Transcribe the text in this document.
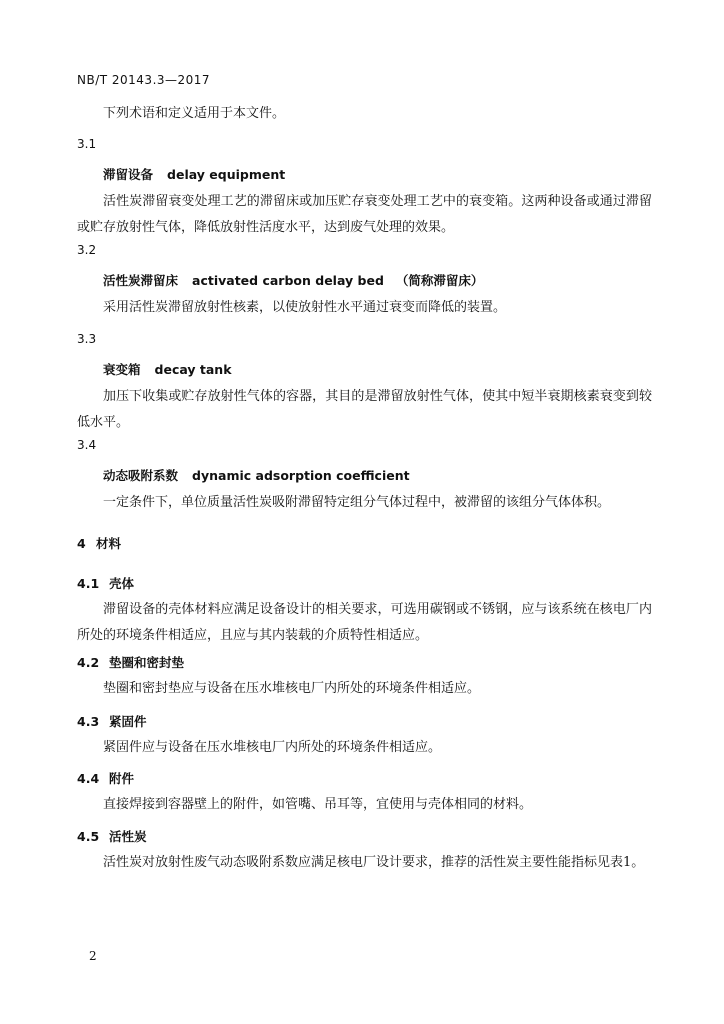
NB/T 20143.3—2017
下列术语和定义适用于本文件。
3.1
滞留设备 delay equipment
活性炭滞留衰变处理工艺的滞留床或加压贮存衰变处理工艺中的衰变箱。这两种设备或通过滞留或贮存放射性气体，降低放射性活度水平，达到废气处理的效果。
3.2
活性炭滞留床 activated carbon delay bed （简称滞留床）
采用活性炭滞留放射性核素，以使放射性水平通过衰变而降低的装置。
3.3
衰变箱 decay tank
加压下收集或贮存放射性气体的容器，其目的是滞留放射性气体，使其中短半衰期核素衰变到较低水平。
3.4
动态吸附系数 dynamic adsorption coefficient
一定条件下，单位质量活性炭吸附滞留特定组分气体过程中，被滞留的该组分气体体积。
4 材料
4.1 壳体
滞留设备的壳体材料应满足设备设计的相关要求，可选用碳钢或不锈钢，应与该系统在核电厂内所处的环境条件相适应，且应与其内装载的介质特性相适应。
4.2 垫圈和密封垫
垫圈和密封垫应与设备在压水堆核电厂内所处的环境条件相适应。
4.3 紧固件
紧固件应与设备在压水堆核电厂内所处的环境条件相适应。
4.4 附件
直接焊接到容器壁上的附件，如管嘴、吊耳等，宜使用与壳体相同的材料。
4.5 活性炭
活性炭对放射性废气动态吸附系数应满足核电厂设计要求，推荐的活性炭主要性能指标见表1。
2
